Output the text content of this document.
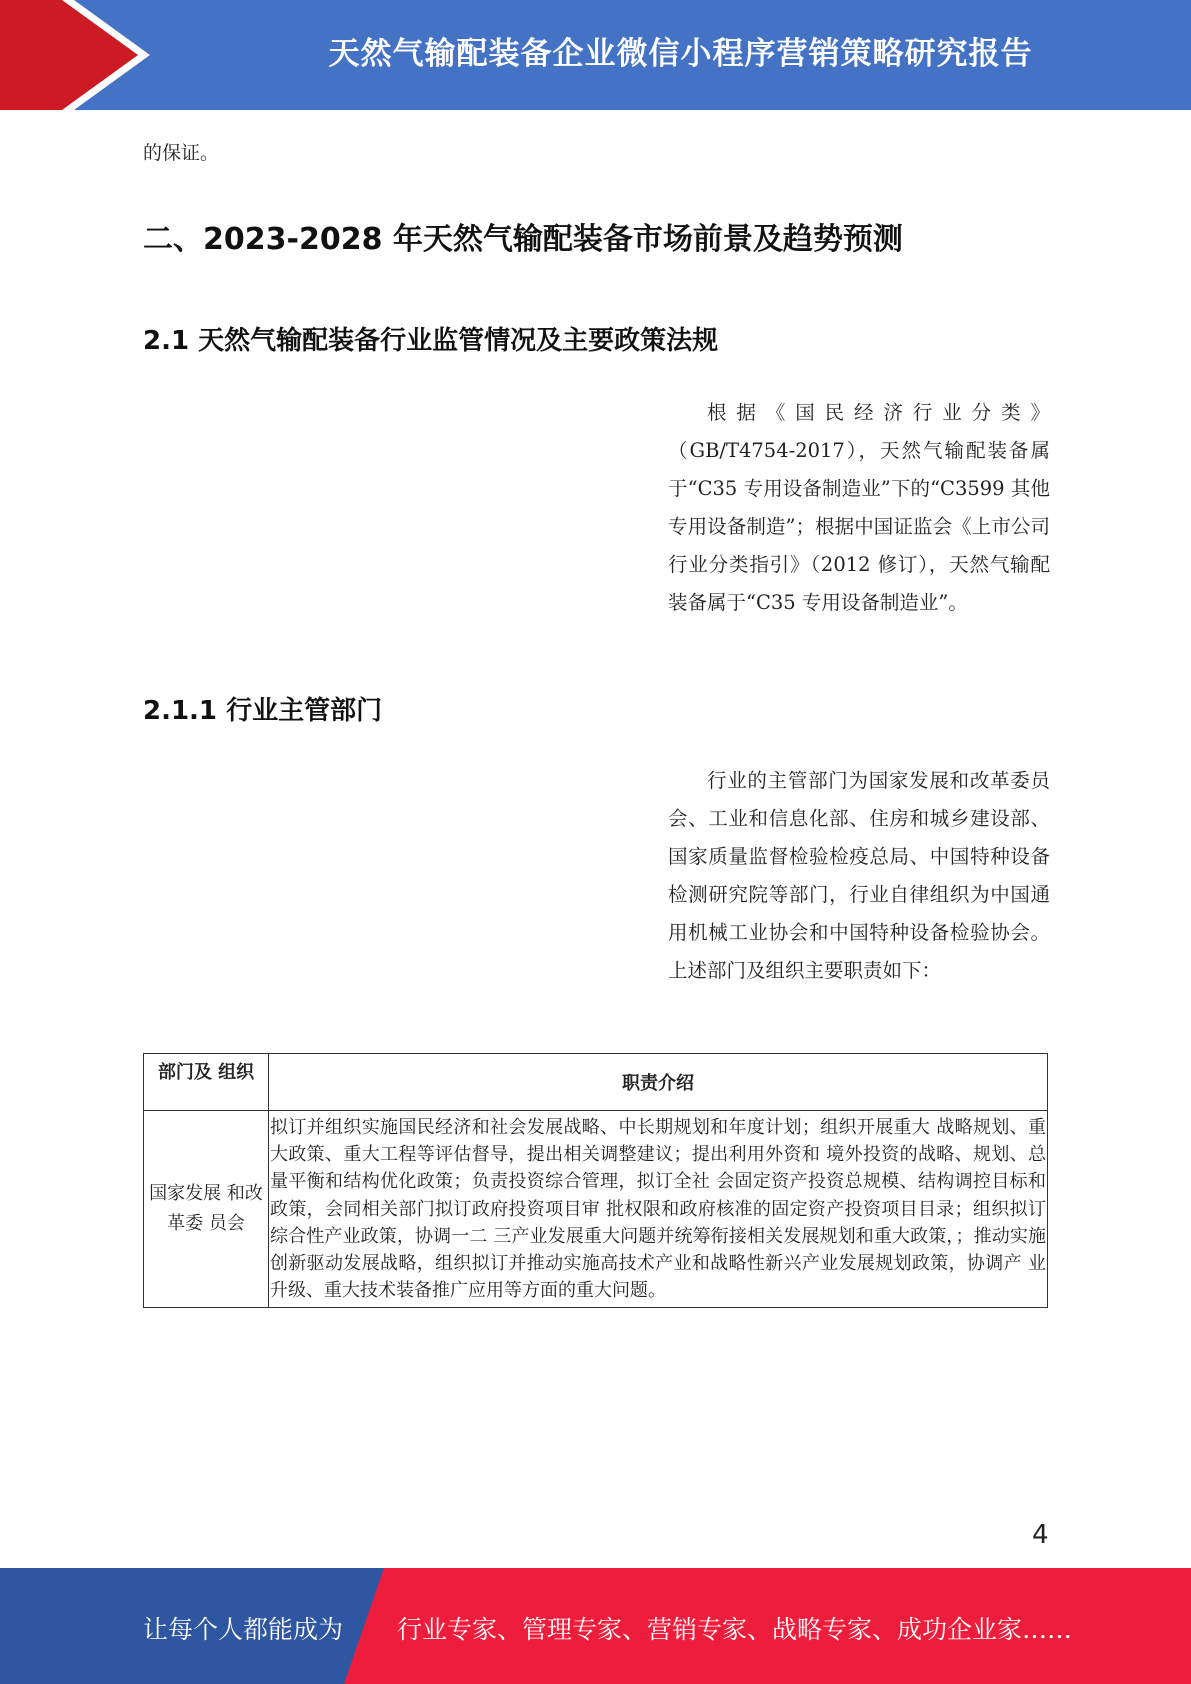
天然气输配装备企业微信小程序营销策略研究报告
的保证。
二、2023-2028 年天然气输配装备市场前景及趋势预测
2.1 天然气输配装备行业监管情况及主要政策法规
根据《国民经济行业分类》（GB/T4754-2017），天然气输配装备属于“C35 专用设备制造业”下的“C3599 其他专用设备制造”；根据中国证监会《上市公司行业分类指引》（2012 修订），天然气输配装备属于“C35 专用设备制造业”。
2.1.1 行业主管部门
行业的主管部门为国家发展和改革委员会、工业和信息化部、住房和城乡建设部、国家质量监督检验检疫总局、中国特种设备检测研究院等部门，行业自律组织为中国通用机械工业协会和中国特种设备检验协会。上述部门及组织主要职责如下：
部门及 组织	职责介绍
国家发展 和改革委 员会	拟订并组织实施国民经济和社会发展战略、中长期规划和年度计划；组织开展重大 战略规划、重大政策、重大工程等评估督导，提出相关调整建议；提出利用外资和 境外投资的战略、规划、总量平衡和结构优化政策；负责投资综合管理，拟订全社 会固定资产投资总规模、结构调控目标和政策，会同相关部门拟订政府投资项目审 批权限和政府核准的固定资产投资项目目录；组织拟订综合性产业政策，协调一二 三产业发展重大问题并统筹衔接相关发展规划和重大政策，；推动实施创新驱动发展战略，组织拟订并推动实施高技术产业和战略性新兴产业发展规划政策，协调产 业升级、重大技术装备推广应用等方面的重大问题。
4
让每个人都能成为 行业专家、管理专家、营销专家、战略专家、成功企业家……
